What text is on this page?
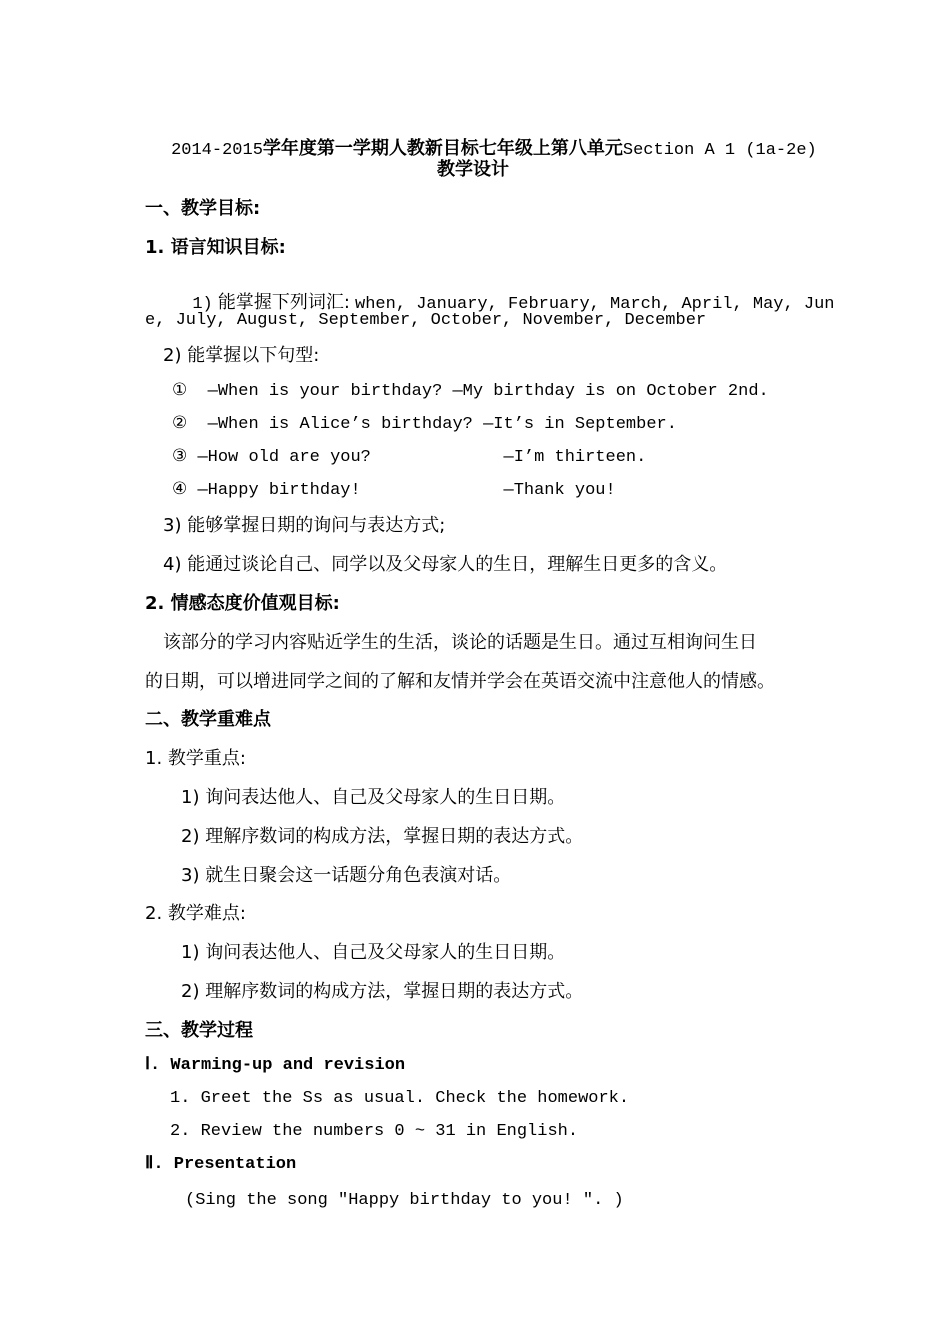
2014-2015学年度第一学期人教新目标七年级上第八单元Section A 1 (1a-2e)

教学设计
一、教学目标:
1. 语言知识目标:

1) 能掌握下列词汇: when, January, February, March, April, May, Jun

e, July, August, September, October, November, December
2) 能掌握以下句型:
①  —When is your birthday? —My birthday is on October 2nd.
②  —When is Alice’s birthday? —It’s in September.
③ —How old are you?             —I’m thirteen.
④ —Happy birthday!              —Thank you!
3) 能够掌握日期的询问与表达方式;
4) 能通过谈论自己、同学以及父母家人的生日，理解生日更多的含义。
2. 情感态度价值观目标:
该部分的学习内容贴近学生的生活，谈论的话题是生日。通过互相询问生日
的日期，可以增进同学之间的了解和友情并学会在英语交流中注意他人的情感。
二、教学重难点
1. 教学重点:
1) 询问表达他人、自己及父母家人的生日日期。
2) 理解序数词的构成方法，掌握日期的表达方式。
3) 就生日聚会这一话题分角色表演对话。
2. 教学难点:
1) 询问表达他人、自己及父母家人的生日日期。
2) 理解序数词的构成方法，掌握日期的表达方式。
三、教学过程
Ⅰ. Warming-up and revision
1. Greet the Ss as usual. Check the homework.
2. Review the numbers 0 ~ 31 in English.
Ⅱ. Presentation
(Sing the song "Happy birthday to you! ". )
